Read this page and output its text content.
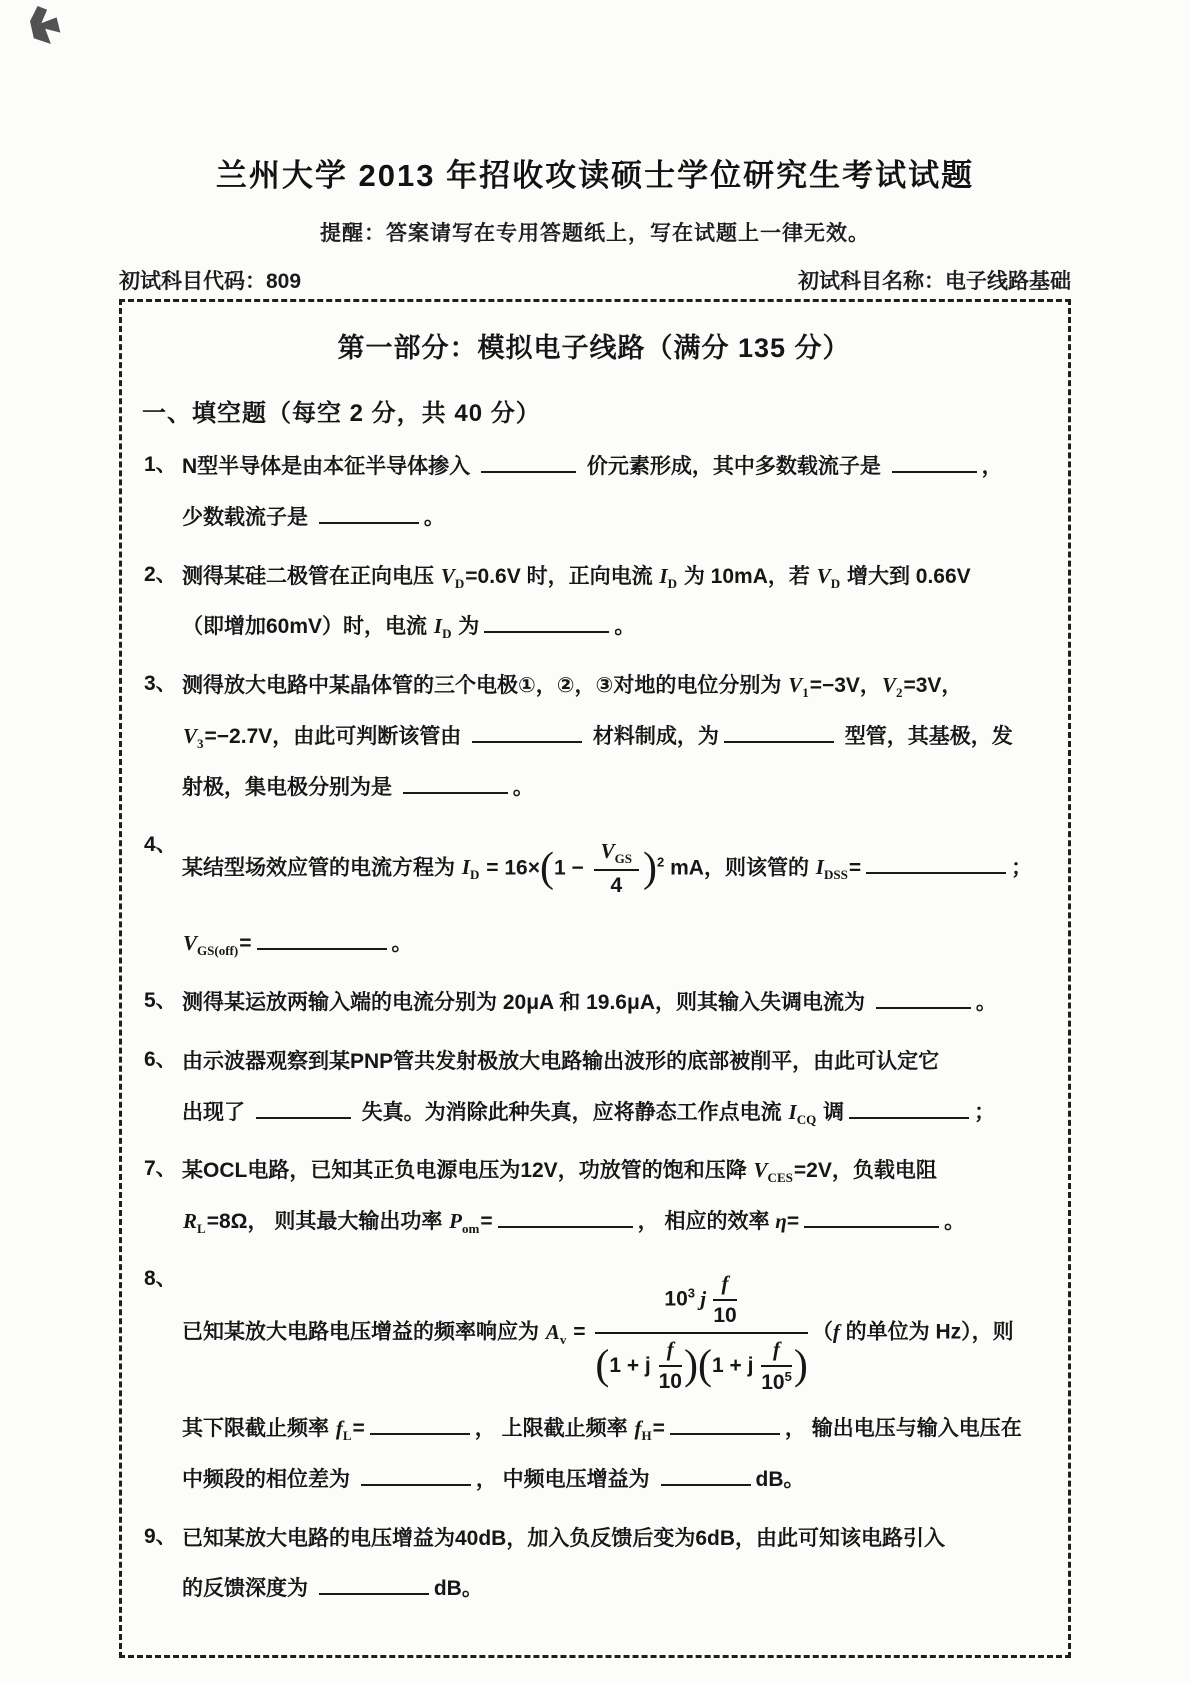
兰州大学 2013 年招收攻读硕士学位研究生考试试题
提醒：答案请写在专用答题纸上，写在试题上一律无效。
初试科目代码：809	初试科目名称：电子线路基础
第一部分：模拟电子线路（满分 135 分）
一、填空题（每空 2 分，共 40 分）
1、 N型半导体是由本征半导体掺入	价元素形成，其中多数载流子是	，
少数载流子是	。
2、 测得某硅二极管在正向电压 $V_D=0.6V$ 时，正向电流 $I_D$ 为 10mA，若 $V_D$ 增大到 0.66V
（即增加60mV）时，电流 $I_D$ 为	。
3、 测得放大电路中某晶体管的三个电极①，②，③对地的电位分别为 $V_1=-3V$，$V_2=3V$，
$V_3=-2.7V$，由此可判断该管由	材料制成，为	型管，其基极，发
射极，集电极分别为是	。
4、
某结型场效应管的电流方程为 $I_D = 16\times(1 - \frac{V_{GS}}{4} )^2$ mA，则该管的 $I_{DSS}=$	；
$V_{GS(off)}=$	。
5、 测得某运放两输入端的电流分别为 20μA 和 19.6μA，则其输入失调电流为	。
6、 由示波器观察到某PNP管共发射极放大电路输出波形的底部被削平，由此可认定它
出现了	失真。为消除此种失真，应将静态工作点电流 $I_{CQ}$ 调	；
7、 某OCL电路，已知其正负电源电压为12V，功放管的饱和压降 $V_{CES}=2V$，负载电阻
$R_L=8\Omega$， 则其最大输出功率 $P_{om}=$	， 相应的效率 η=	。
8、
已知某放大电路电压增益的频率响应为 $A_v = \frac{10^3 j \frac{f}{10}}{(1 + j \frac{f}{10} )(1 + j \frac{f}{10^5} )} (f$ 的单位为 Hz），则
其下限截止频率 $f_L=$	， 上限截止频率 $f_H=$	， 输出电压与输入电压在
中频段的相位差为	， 中频电压增益为	dB。
9、 已知某放大电路的电压增益为40dB，加入负反馈后变为6dB，由此可知该电路引入
的反馈深度为	dB。
